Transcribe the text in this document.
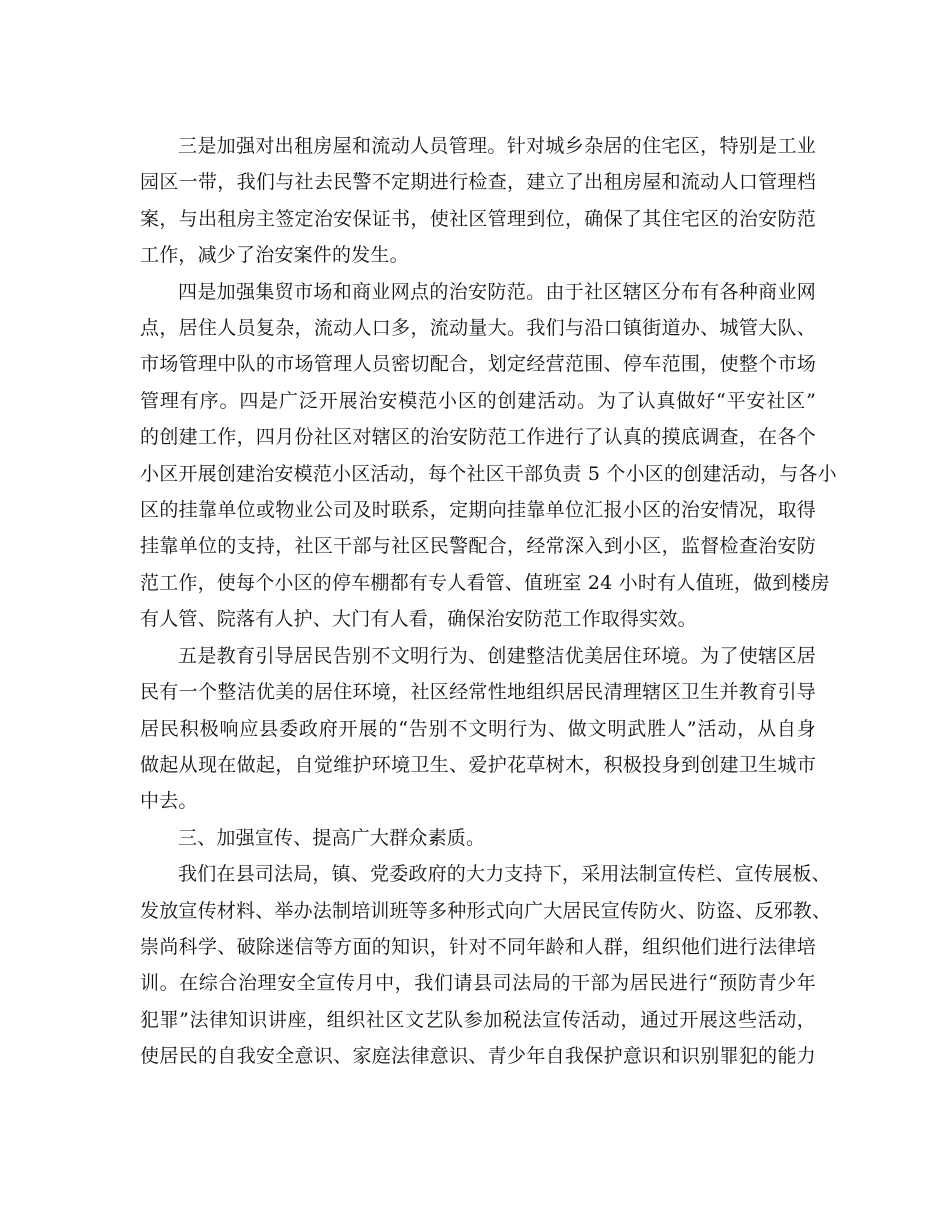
三是加强对出租房屋和流动人员管理。针对城乡杂居的住宅区，特别是工业
园区一带，我们与社去民警不定期进行检查，建立了出租房屋和流动人口管理档
案，与出租房主签定治安保证书，使社区管理到位，确保了其住宅区的治安防范
工作，减少了治安案件的发生。

四是加强集贸市场和商业网点的治安防范。由于社区辖区分布有各种商业网
点，居住人员复杂，流动人口多，流动量大。我们与沿口镇街道办、城管大队、
市场管理中队的市场管理人员密切配合，划定经营范围、停车范围，使整个市场
管理有序。四是广泛开展治安模范小区的创建活动。为了认真做好“平安社区”
的创建工作，四月份社区对辖区的治安防范工作进行了认真的摸底调查，在各个
小区开展创建治安模范小区活动，每个社区干部负责 5 个小区的创建活动，与各小
区的挂靠单位或物业公司及时联系，定期向挂靠单位汇报小区的治安情况，取得
挂靠单位的支持，社区干部与社区民警配合，经常深入到小区，监督检查治安防
范工作，使每个小区的停车棚都有专人看管、值班室 24 小时有人值班，做到楼房
有人管、院落有人护、大门有人看，确保治安防范工作取得实效。

五是教育引导居民告别不文明行为、创建整洁优美居住环境。为了使辖区居
民有一个整洁优美的居住环境，社区经常性地组织居民清理辖区卫生并教育引导
居民积极响应县委政府开展的“告别不文明行为、做文明武胜人”活动，从自身
做起从现在做起，自觉维护环境卫生、爱护花草树木，积极投身到创建卫生城市
中去。

三、加强宣传、提高广大群众素质。

我们在县司法局，镇、党委政府的大力支持下，采用法制宣传栏、宣传展板、
发放宣传材料、举办法制培训班等多种形式向广大居民宣传防火、防盗、反邪教、
崇尚科学、破除迷信等方面的知识，针对不同年龄和人群，组织他们进行法律培
训。在综合治理安全宣传月中，我们请县司法局的干部为居民进行“预防青少年
犯罪”法律知识讲座，组织社区文艺队参加税法宣传活动，通过开展这些活动，
使居民的自我安全意识、家庭法律意识、青少年自我保护意识和识别罪犯的能力
